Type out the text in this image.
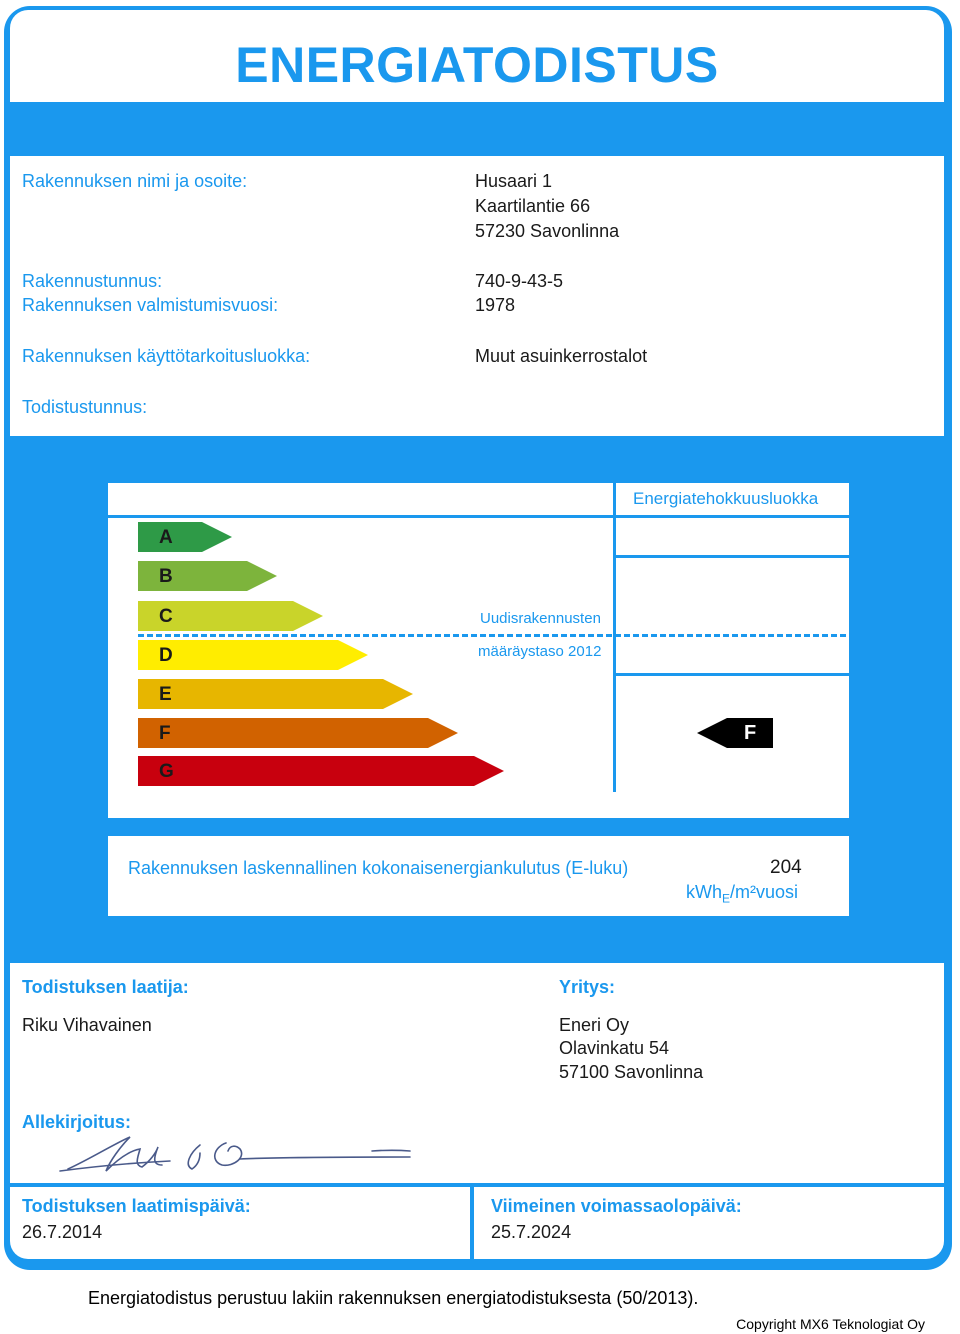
ENERGIATODISTUS
Rakennuksen nimi ja osoite:	Husaari 1
Kaartilantie 66
57230 Savonlinna
Rakennustunnus:	740-9-43-5
Rakennuksen valmistumisvuosi:	1978
Rakennuksen käyttötarkoitusluokka:	Muut asuinkerrostalot
Todistustunnus:
Energiatehokkuusluokka
A
B
C
D
E
F
G
Uudisrakennusten
määräystaso 2012
F
Rakennuksen laskennallinen kokonaisenergiankulutus (E-luku)	204
kWh$_E$/m²vuosi
Todistuksen laatija:
Riku Vihavainen
Yritys:
Eneri Oy
Olavinkatu 54
57100 Savonlinna
Allekirjoitus:
Todistuksen laatimispäivä:
26.7.2014
Viimeinen voimassaolopäivä:
25.7.2024
Energiatodistus perustuu lakiin rakennuksen energiatodistuksesta (50/2013).
Copyright MX6 Teknologiat Oy
